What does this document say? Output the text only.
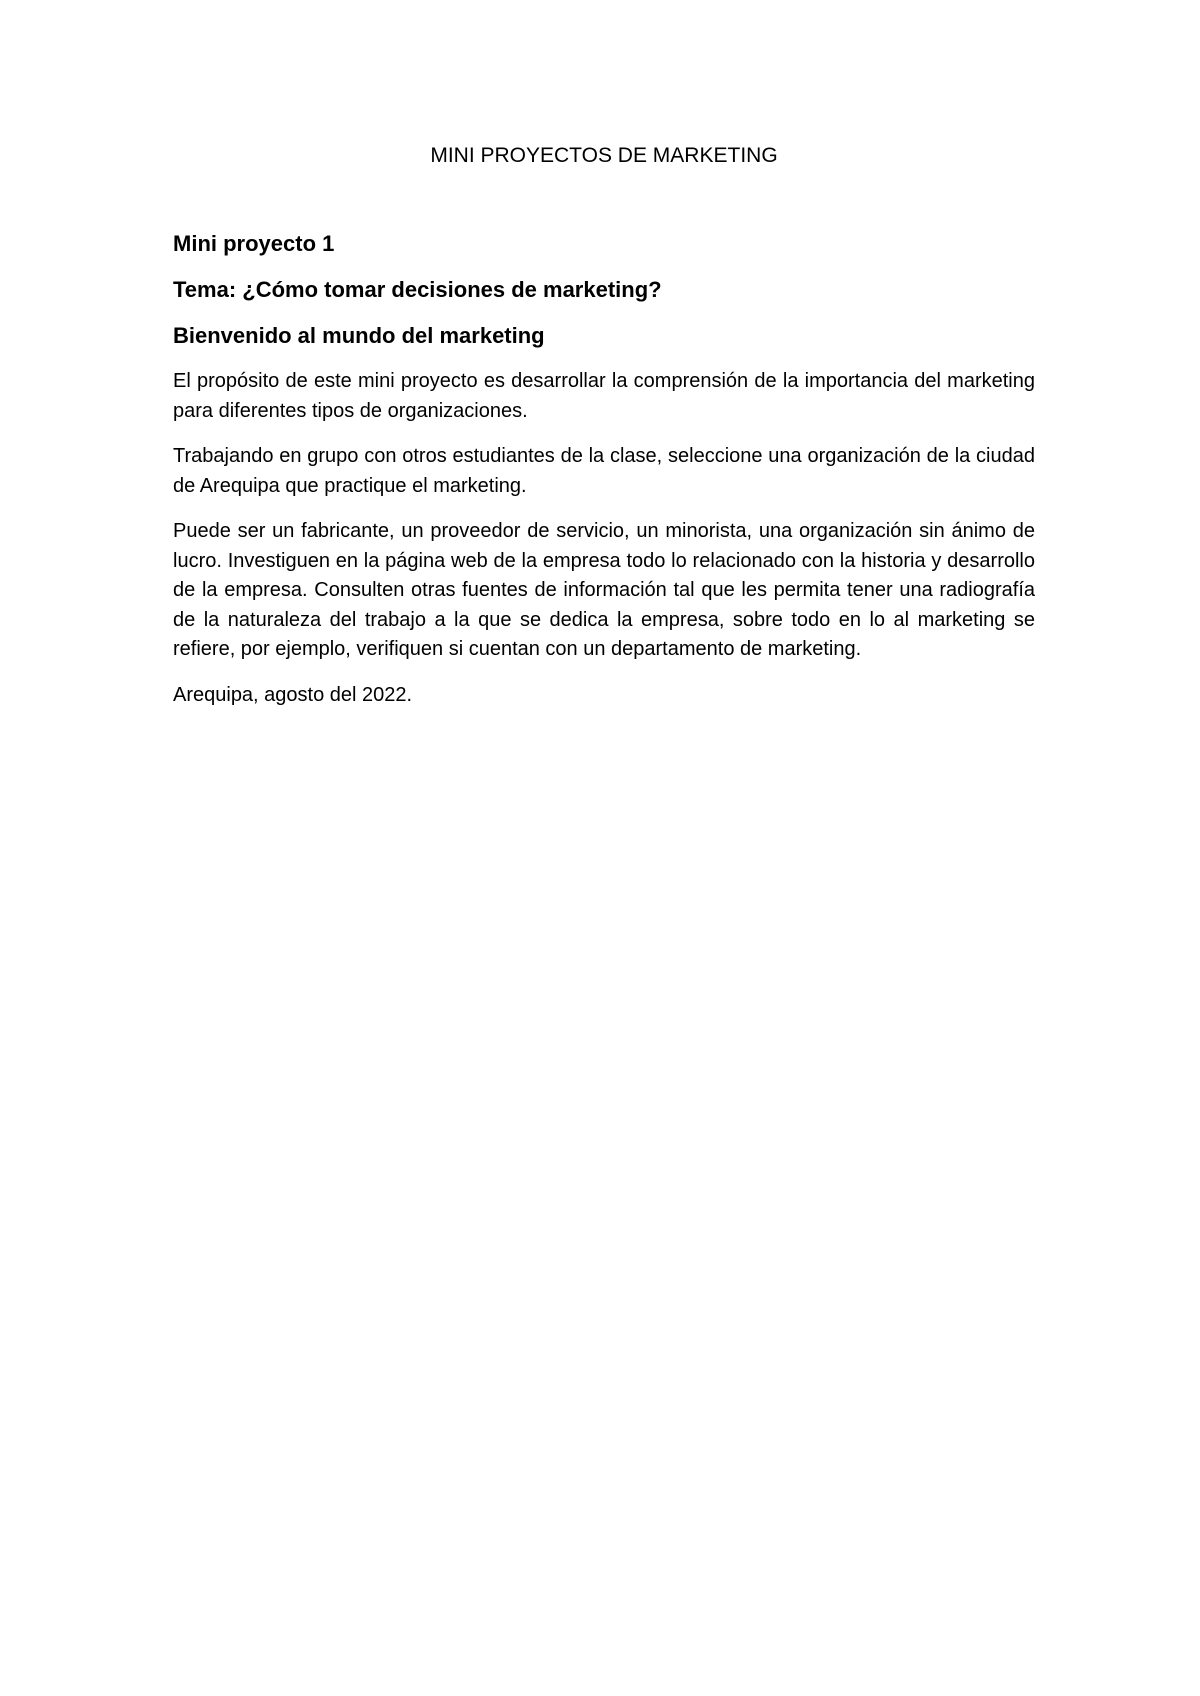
MINI PROYECTOS DE MARKETING
Mini proyecto 1
Tema: ¿Cómo tomar decisiones de marketing?
Bienvenido al mundo del marketing

El propósito de este mini proyecto es desarrollar la comprensión de la importancia del marketing para diferentes tipos de organizaciones.

Trabajando en grupo con otros estudiantes de la clase, seleccione una organización de la ciudad de Arequipa que practique el marketing.

Puede ser un fabricante, un proveedor de servicio, un minorista, una organización sin ánimo de lucro. Investiguen en la página web de la empresa todo lo relacionado con la historia y desarrollo de la empresa. Consulten otras fuentes de información tal que les permita tener una radiografía de la naturaleza del trabajo a la que se dedica la empresa, sobre todo en lo al marketing se refiere, por ejemplo, verifiquen si cuentan con un departamento de marketing.

Arequipa, agosto del 2022.
